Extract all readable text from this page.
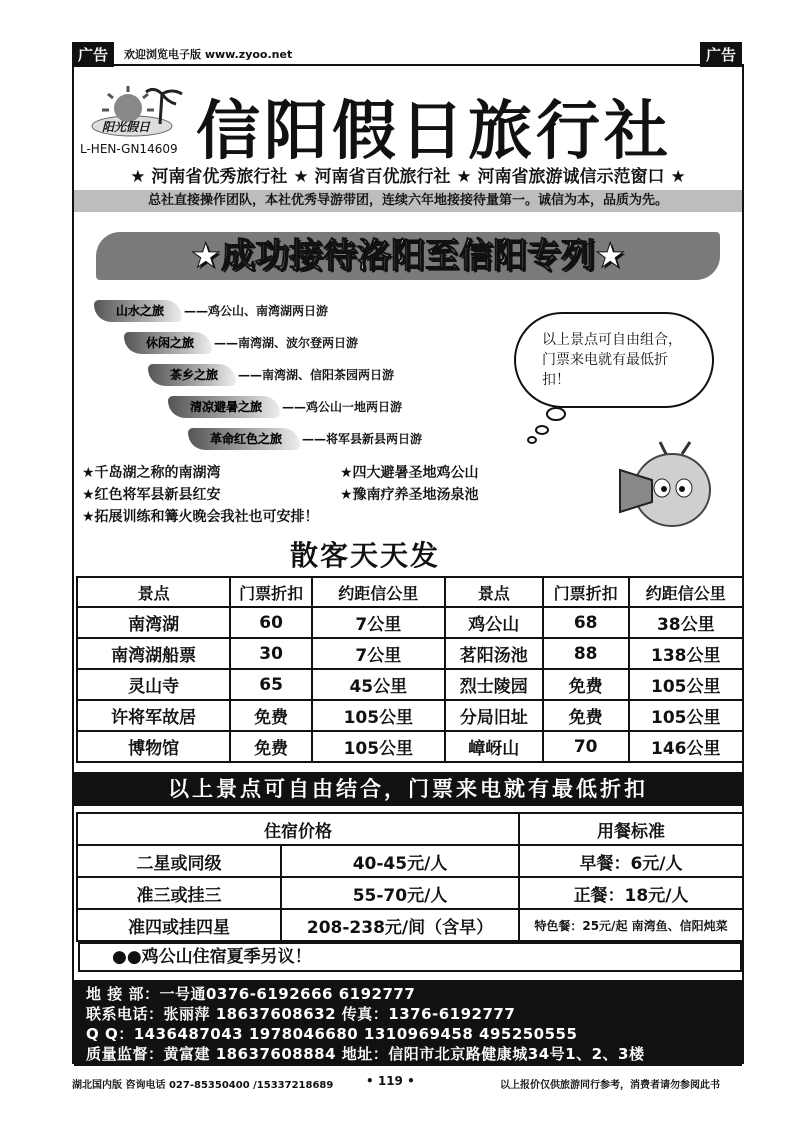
广告	欢迎浏览电子版 www.zyoo.net	广告
阳光假日
L-HEN-GN14609 信阳假日旅行社
★ 河南省优秀旅行社 ★ 河南省百优旅行社 ★ 河南省旅游诚信示范窗口 ★
总社直接操作团队，本社优秀导游带团，连续六年地接接待量第一。诚信为本，品质为先。
★成功接待洛阳至信阳专列★
山水之旅 ——鸡公山、南湾湖两日游
休闲之旅 ——南湾湖、波尔登两日游
茶乡之旅 ——南湾湖、信阳茶园两日游
清凉避暑之旅 ——鸡公山一地两日游
革命红色之旅 ——将军县新县两日游
以上景点可自由组合，门票来电就有最低折扣！
★千岛湖之称的南湖湾
★红色将军县新县红安
★四大避暑圣地鸡公山
★豫南疗养圣地汤泉池
★拓展训练和篝火晚会我社也可安排！
散客天天发
景点	门票折扣	约距信公里	景点	门票折扣	约距信公里
南湾湖	60	7公里	鸡公山	68	38公里
南湾湖船票	30	7公里	茗阳汤池	88	138公里
灵山寺	65	45公里	烈士陵园	免费	105公里
许将军故居	免费	105公里	分局旧址	免费	105公里
博物馆	免费	105公里	嶂岈山	70	146公里
以上景点可自由结合，门票来电就有最低折扣
住宿价格		用餐标准
二星或同级	40-45元/人	早餐：6元/人
准三或挂三	55-70元/人	正餐：18元/人
准四或挂四星	208-238元/间（含早）	特色餐：25元/起 南湾鱼、信阳炖菜
●●鸡公山住宿夏季另议！
地 接 部：一号通0376-6192666 6192777
联系电话：张丽萍 18637608632 传真：1376-6192777
Q Q：1436487043 1978046680 1310969458 495250555
质量监督：黄富建 18637608884 地址：信阳市北京路健康城34号1、2、3楼
湖北国内版 咨询电话 027-85350400 /15337218689	• 119 •	以上报价仅供旅游同行参考，消费者请勿参阅此书
